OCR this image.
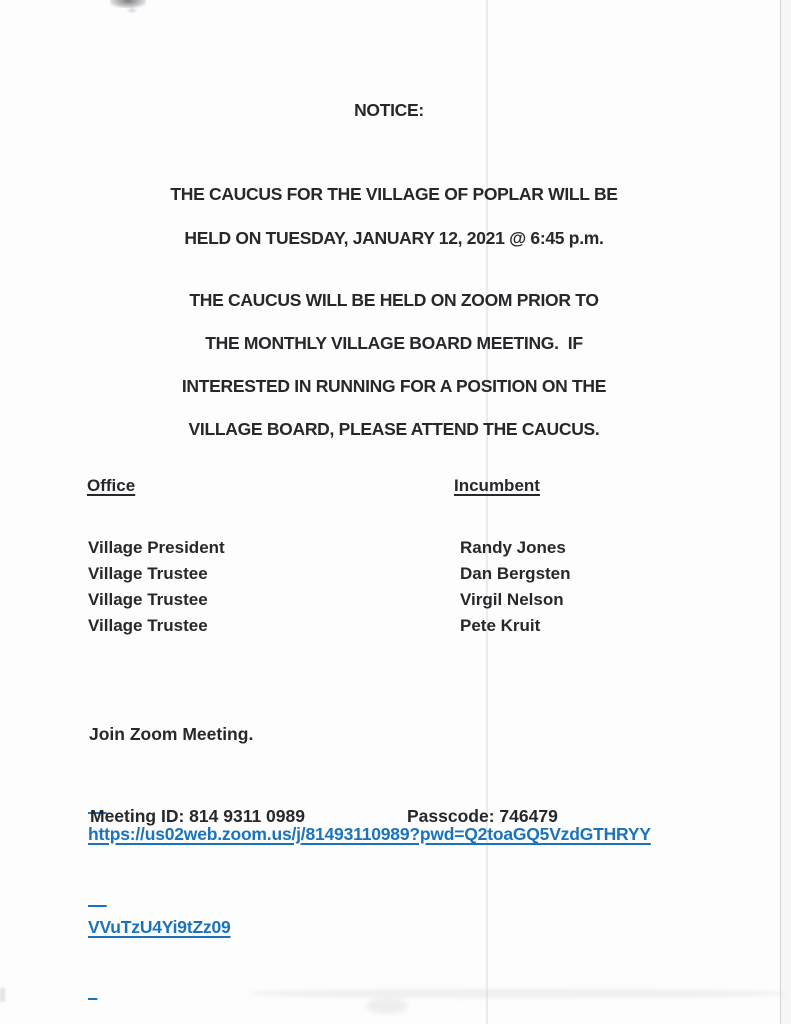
NOTICE:
THE CAUCUS FOR THE VILLAGE OF POPLAR WILL BE
HELD ON TUESDAY, JANUARY 12, 2021 @ 6:45 p.m.
THE CAUCUS WILL BE HELD ON ZOOM PRIOR TO
THE MONTHLY VILLAGE BOARD MEETING.  IF
INTERESTED IN RUNNING FOR A POSITION ON THE
VILLAGE BOARD, PLEASE ATTEND THE CAUCUS.
Office	Incumbent
Village President
Village Trustee
Village Trustee
Village Trustee
Randy Jones
Dan Bergsten
Virgil Nelson
Pete Kruit
Join Zoom Meeting.

https://us02web.zoom.us/j/81493110989?pwd=Q2toaGQ5VzdGTHRYY

VVuTzU4Yi9tZz09

Meeting ID: 814 9311 0989	Passcode: 746479
